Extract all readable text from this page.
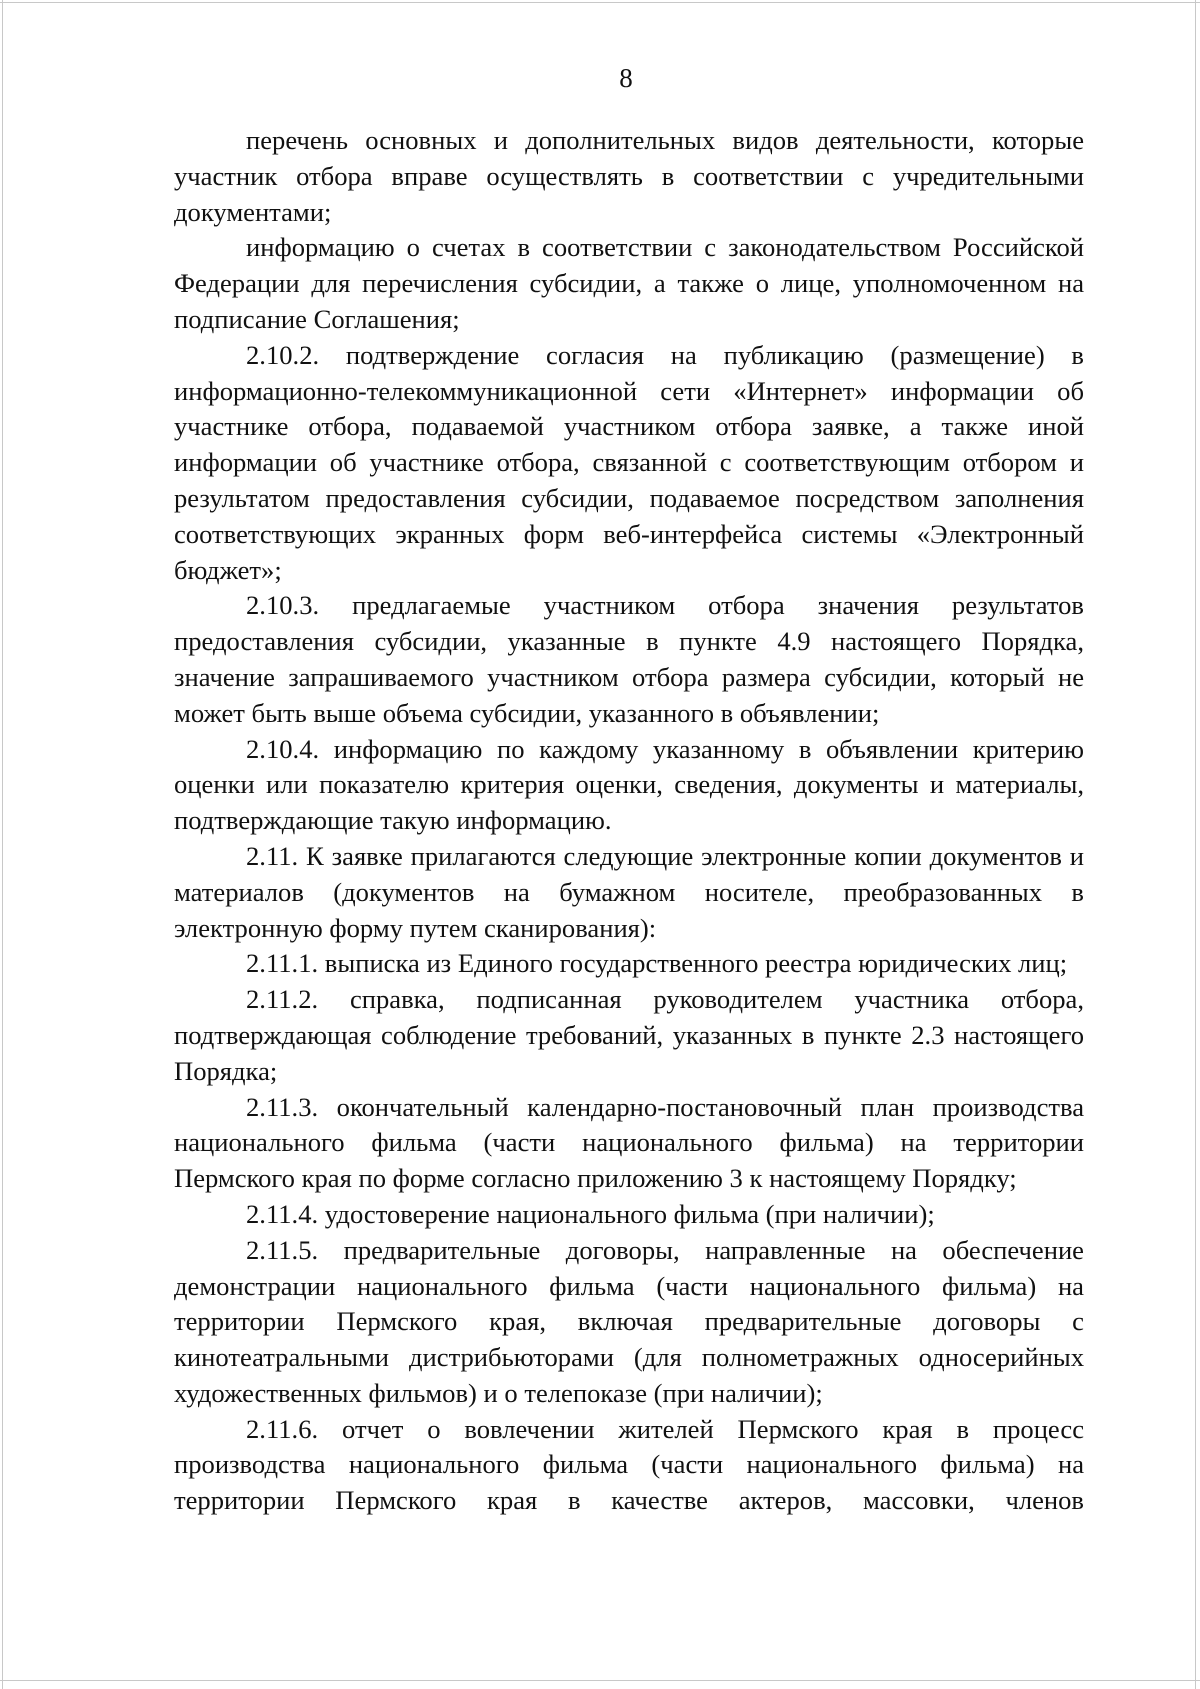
8

перечень основных и дополнительных видов деятельности, которые участник отбора вправе осуществлять в соответствии с учредительными документами;

информацию о счетах в соответствии с законодательством Российской Федерации для перечисления субсидии, а также о лице, уполномоченном на подписание Соглашения;

2.10.2. подтверждение согласия на публикацию (размещение) в информационно-телекоммуникационной сети «Интернет» информации об участнике отбора, подаваемой участником отбора заявке, а также иной информации об участнике отбора, связанной с соответствующим отбором и результатом предоставления субсидии, подаваемое посредством заполнения соответствующих экранных форм веб-интерфейса системы «Электронный бюджет»;

2.10.3. предлагаемые участником отбора значения результатов предоставления субсидии, указанные в пункте 4.9 настоящего Порядка, значение запрашиваемого участником отбора размера субсидии, который не может быть выше объема субсидии, указанного в объявлении;

2.10.4. информацию по каждому указанному в объявлении критерию оценки или показателю критерия оценки, сведения, документы и материалы, подтверждающие такую информацию.

2.11. К заявке прилагаются следующие электронные копии документов и материалов (документов на бумажном носителе, преобразованных в электронную форму путем сканирования):

2.11.1. выписка из Единого государственного реестра юридических лиц;

2.11.2. справка, подписанная руководителем участника отбора, подтверждающая соблюдение требований, указанных в пункте 2.3 настоящего Порядка;

2.11.3. окончательный календарно-постановочный план производства национального фильма (части национального фильма) на территории Пермского края по форме согласно приложению 3 к настоящему Порядку;

2.11.4. удостоверение национального фильма (при наличии);

2.11.5. предварительные договоры, направленные на обеспечение демонстрации национального фильма (части национального фильма) на территории Пермского края, включая предварительные договоры с кинотеатральными дистрибьюторами (для полнометражных односерийных художественных фильмов) и о телепоказе (при наличии);

2.11.6. отчет о вовлечении жителей Пермского края в процесс производства национального фильма (части национального фильма) на территории Пермского края в качестве актеров, массовки, членов
